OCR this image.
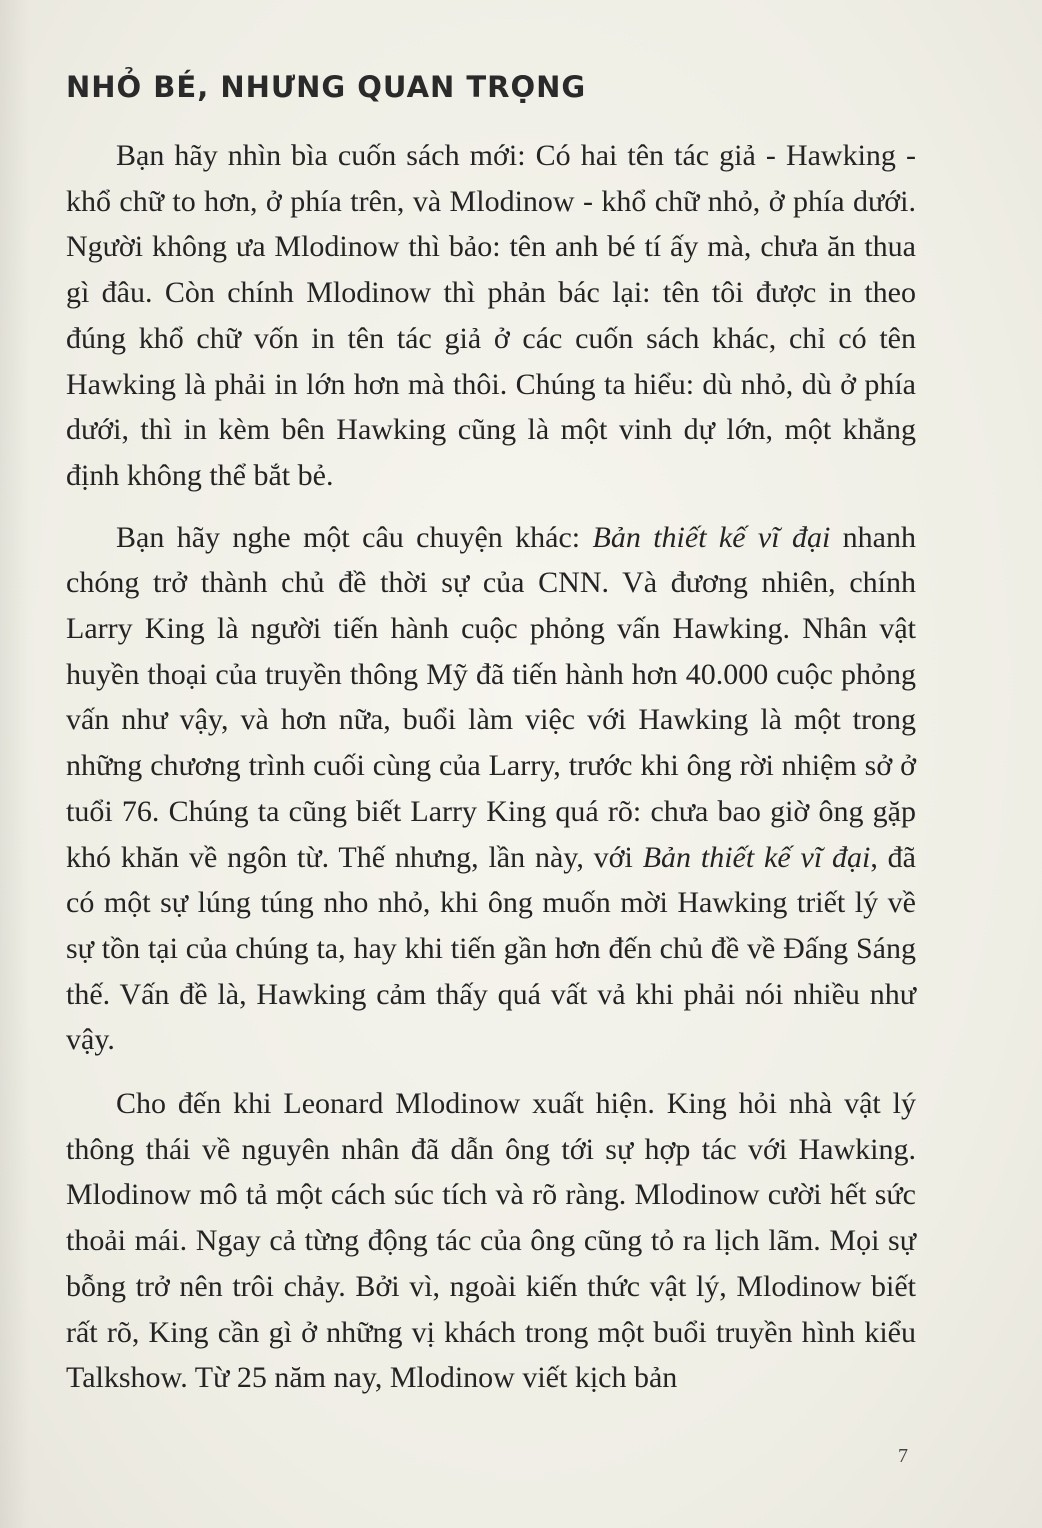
NHỎ BÉ, NHƯNG QUAN TRỌNG

Bạn hãy nhìn bìa cuốn sách mới: Có hai tên tác giả - Hawking - khổ chữ to hơn, ở phía trên, và Mlodinow - khổ chữ nhỏ, ở phía dưới. Người không ưa Mlodinow thì bảo: tên anh bé tí ấy mà, chưa ăn thua gì đâu. Còn chính Mlodinow thì phản bác lại: tên tôi được in theo đúng khổ chữ vốn in tên tác giả ở các cuốn sách khác, chỉ có tên Hawking là phải in lớn hơn mà thôi. Chúng ta hiểu: dù nhỏ, dù ở phía dưới, thì in kèm bên Hawking cũng là một vinh dự lớn, một khẳng định không thể bắt bẻ.

Bạn hãy nghe một câu chuyện khác: Bản thiết kế vĩ đại nhanh chóng trở thành chủ đề thời sự của CNN. Và đương nhiên, chính Larry King là người tiến hành cuộc phỏng vấn Hawking. Nhân vật huyền thoại của truyền thông Mỹ đã tiến hành hơn 40.000 cuộc phỏng vấn như vậy, và hơn nữa, buổi làm việc với Hawking là một trong những chương trình cuối cùng của Larry, trước khi ông rời nhiệm sở ở tuổi 76. Chúng ta cũng biết Larry King quá rõ: chưa bao giờ ông gặp khó khăn về ngôn từ. Thế nhưng, lần này, với Bản thiết kế vĩ đại, đã có một sự lúng túng nho nhỏ, khi ông muốn mời Hawking triết lý về sự tồn tại của chúng ta, hay khi tiến gần hơn đến chủ đề về Đấng Sáng thế. Vấn đề là, Hawking cảm thấy quá vất vả khi phải nói nhiều như vậy.

Cho đến khi Leonard Mlodinow xuất hiện. King hỏi nhà vật lý thông thái về nguyên nhân đã dẫn ông tới sự hợp tác với Hawking. Mlodinow mô tả một cách súc tích và rõ ràng. Mlodinow cười hết sức thoải mái. Ngay cả từng động tác của ông cũng tỏ ra lịch lãm. Mọi sự bỗng trở nên trôi chảy. Bởi vì, ngoài kiến thức vật lý, Mlodinow biết rất rõ, King cần gì ở những vị khách trong một buổi truyền hình kiểu Talkshow. Từ 25 năm nay, Mlodinow viết kịch bản

7
